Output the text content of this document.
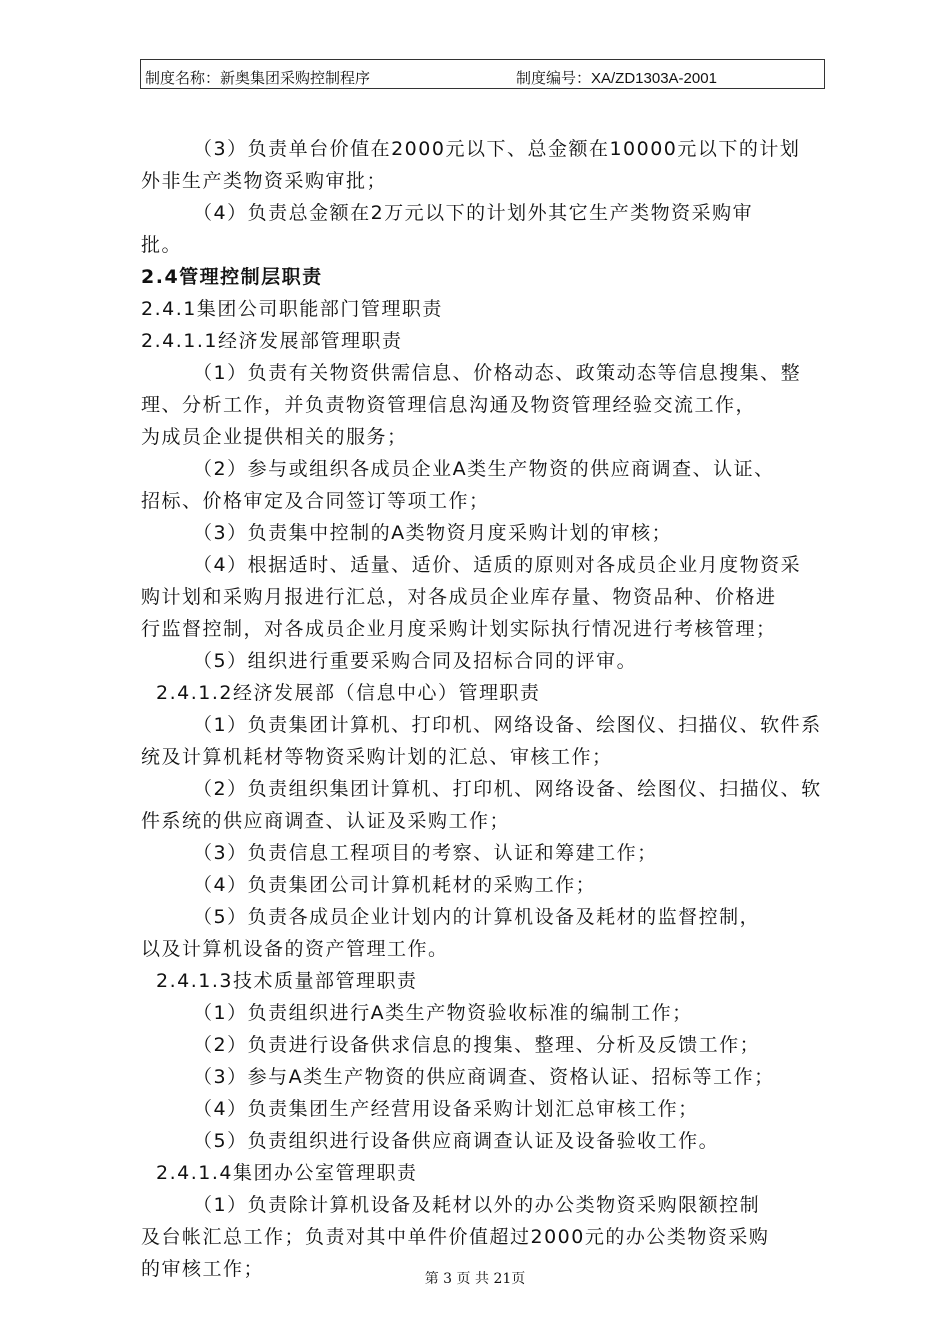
制度名称：新奥集团采购控制程序	制度编号：XA/ZD1303A-2001
（3）负责单台价值在2000元以下、总金额在10000元以下的计划
外非生产类物资采购审批；
（4）负责总金额在2万元以下的计划外其它生产类物资采购审
批。
2.4管理控制层职责
2.4.1集团公司职能部门管理职责
2.4.1.1经济发展部管理职责
（1）负责有关物资供需信息、价格动态、政策动态等信息搜集、整
理、分析工作，并负责物资管理信息沟通及物资管理经验交流工作，
为成员企业提供相关的服务；
（2）参与或组织各成员企业A类生产物资的供应商调查、认证、
招标、价格审定及合同签订等项工作；
（3）负责集中控制的A类物资月度采购计划的审核；
（4）根据适时、适量、适价、适质的原则对各成员企业月度物资采
购计划和采购月报进行汇总，对各成员企业库存量、物资品种、价格进
行监督控制，对各成员企业月度采购计划实际执行情况进行考核管理；
（5）组织进行重要采购合同及招标合同的评审。
2.4.1.2经济发展部（信息中心）管理职责
（1）负责集团计算机、打印机、网络设备、绘图仪、扫描仪、软件系
统及计算机耗材等物资采购计划的汇总、审核工作；
（2）负责组织集团计算机、打印机、网络设备、绘图仪、扫描仪、软
件系统的供应商调查、认证及采购工作；
（3）负责信息工程项目的考察、认证和筹建工作；
（4）负责集团公司计算机耗材的采购工作；
（5）负责各成员企业计划内的计算机设备及耗材的监督控制，
以及计算机设备的资产管理工作。
2.4.1.3技术质量部管理职责
（1）负责组织进行A类生产物资验收标准的编制工作；
（2）负责进行设备供求信息的搜集、整理、分析及反馈工作；
（3）参与A类生产物资的供应商调查、资格认证、招标等工作；
（4）负责集团生产经营用设备采购计划汇总审核工作；
（5）负责组织进行设备供应商调查认证及设备验收工作。
2.4.1.4集团办公室管理职责
（1）负责除计算机设备及耗材以外的办公类物资采购限额控制
及台帐汇总工作；负责对其中单件价值超过2000元的办公类物资采购
的审核工作；	第 3 页 共 21页
